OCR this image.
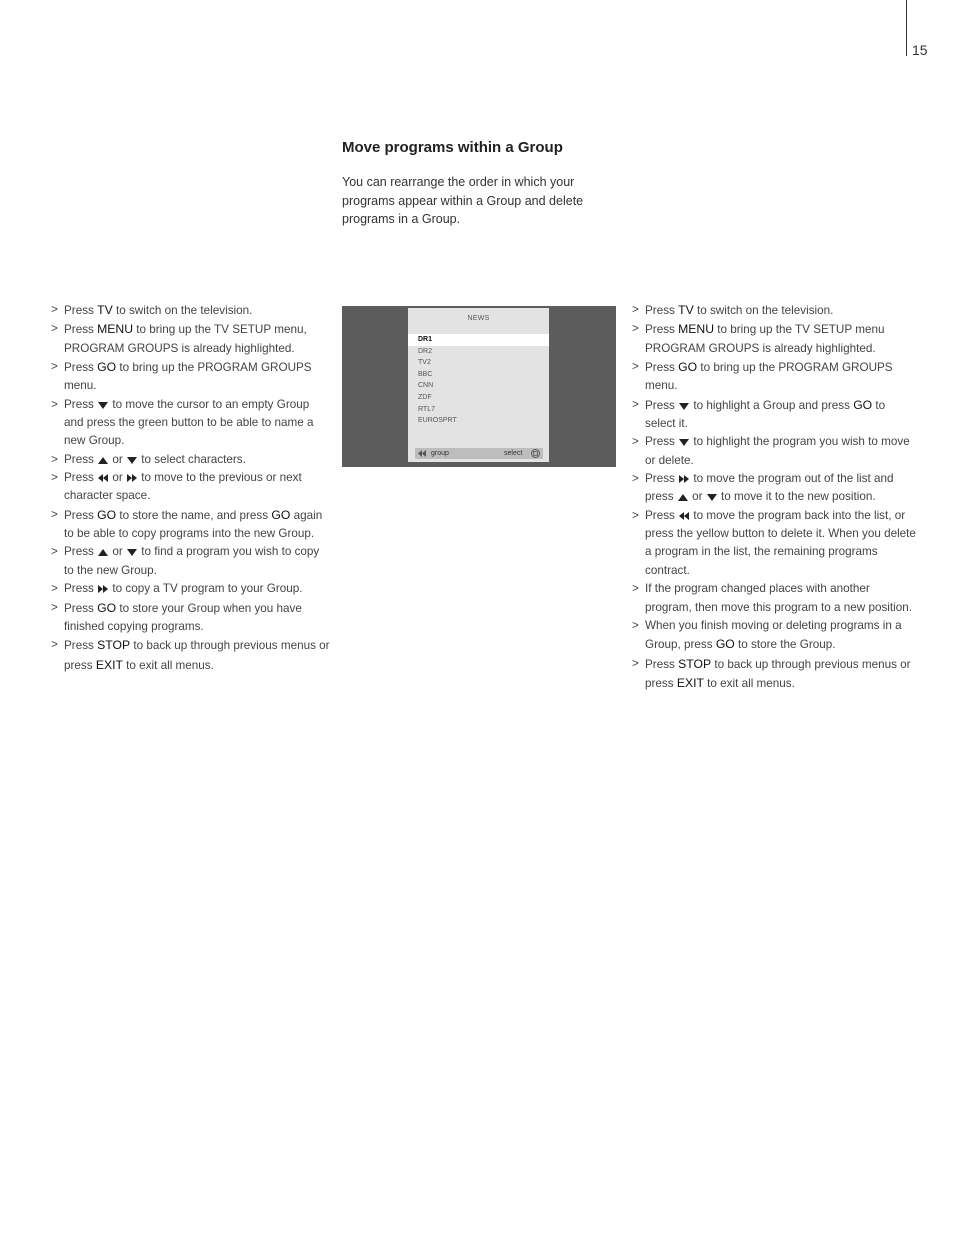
15
Move programs within a Group

You can rearrange the order in which your programs appear within a Group and delete programs in a Group.

> Press TV to switch on the television.
> Press MENU to bring up the TV SETUP menu, PROGRAM GROUPS is already highlighted.
> Press GO to bring up the PROGRAM GROUPS menu.
> Press
to move the cursor to an empty Group and press the green button to be able to name a new Group.
> Press
or
to select characters.
> Press
or
to move to the previous or next character space.
> Press GO to store the name, and press GO again to be able to copy programs into the new Group.
> Press
or
to find a program you wish to copy to the new Group.
> Press
to copy a TV program to your Group.
> Press GO to store your Group when you have finished copying programs.
> Press STOP to back up through previous menus or press EXIT to exit all menus.
NEWS
DR1
DR2
TV2
BBC
CNN
ZDF
RTL7
EUROSPRT
group	select
> Press TV to switch on the television.
> Press MENU to bring up the TV SETUP menu PROGRAM GROUPS is already highlighted.
> Press GO to bring up the PROGRAM GROUPS menu.
> Press
to highlight a Group and press GO to select it.
> Press
to highlight the program you wish to move or delete.
> Press
to move the program out of the list and press
or
to move it to the new position.
> Press
to move the program back into the list, or press the yellow button to delete it. When you delete a program in the list, the remaining programs contract.
> If the program changed places with another program, then move this program to a new position.
> When you finish moving or deleting programs in a Group, press GO to store the Group.
> Press STOP to back up through previous menus or press EXIT to exit all menus.
